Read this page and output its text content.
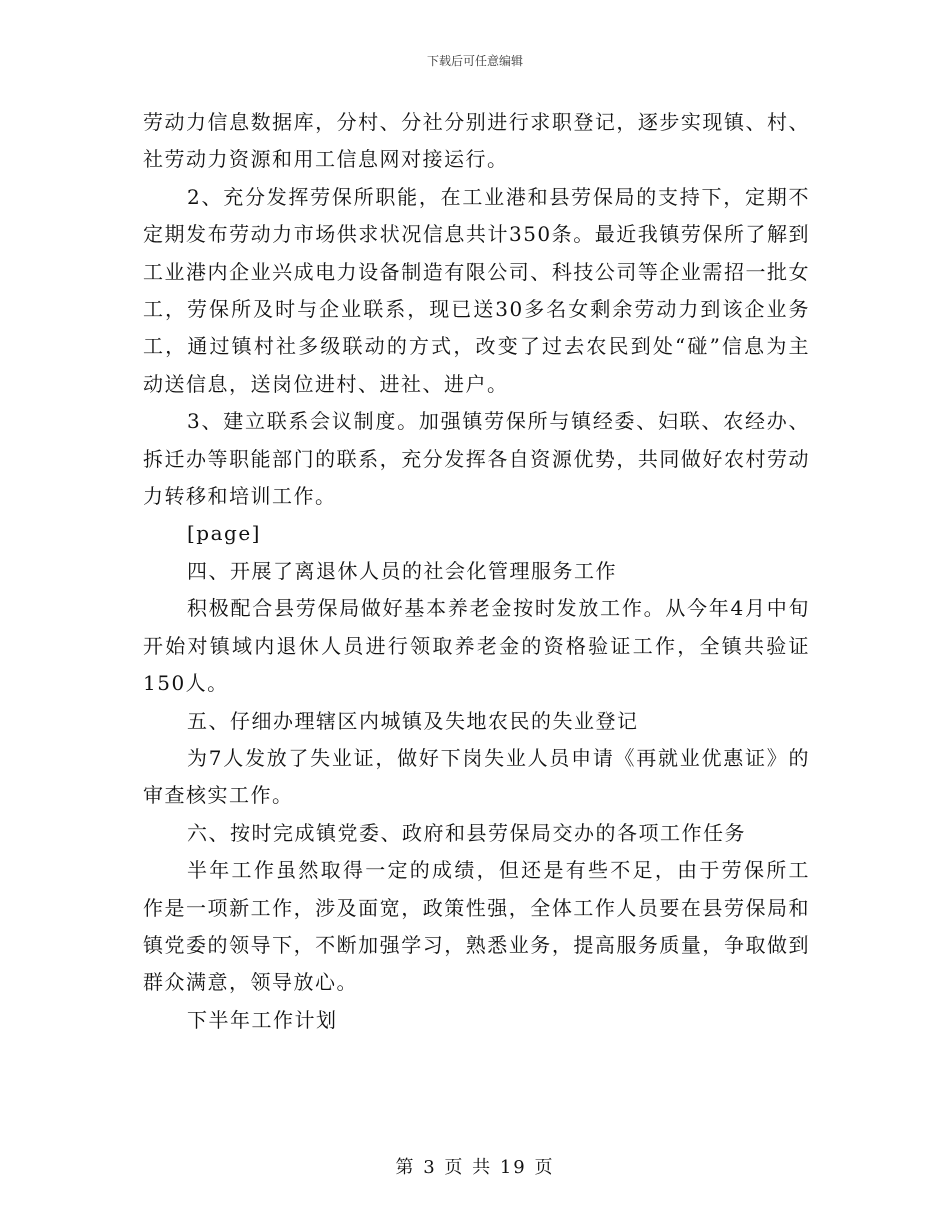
下载后可任意编辑

劳动力信息数据库，分村、分社分别进行求职登记，逐步实现镇、村、社劳动力资源和用工信息网对接运行。

2、充分发挥劳保所职能，在工业港和县劳保局的支持下，定期不定期发布劳动力市场供求状况信息共计350条。最近我镇劳保所了解到工业港内企业兴成电力设备制造有限公司、科技公司等企业需招一批女工，劳保所及时与企业联系，现已送30多名女剩余劳动力到该企业务工，通过镇村社多级联动的方式，改变了过去农民到处“碰”信息为主动送信息，送岗位进村、进社、进户。

3、建立联系会议制度。加强镇劳保所与镇经委、妇联、农经办、拆迁办等职能部门的联系，充分发挥各自资源优势，共同做好农村劳动力转移和培训工作。

[page]

四、开展了离退休人员的社会化管理服务工作

积极配合县劳保局做好基本养老金按时发放工作。从今年4月中旬开始对镇域内退休人员进行领取养老金的资格验证工作，全镇共验证150人。

五、仔细办理辖区内城镇及失地农民的失业登记

为7人发放了失业证，做好下岗失业人员申请《再就业优惠证》的审查核实工作。

六、按时完成镇党委、政府和县劳保局交办的各项工作任务

半年工作虽然取得一定的成绩，但还是有些不足，由于劳保所工作是一项新工作，涉及面宽，政策性强，全体工作人员要在县劳保局和镇党委的领导下，不断加强学习，熟悉业务，提高服务质量，争取做到群众满意，领导放心。

下半年工作计划

第 3 页 共 19 页
